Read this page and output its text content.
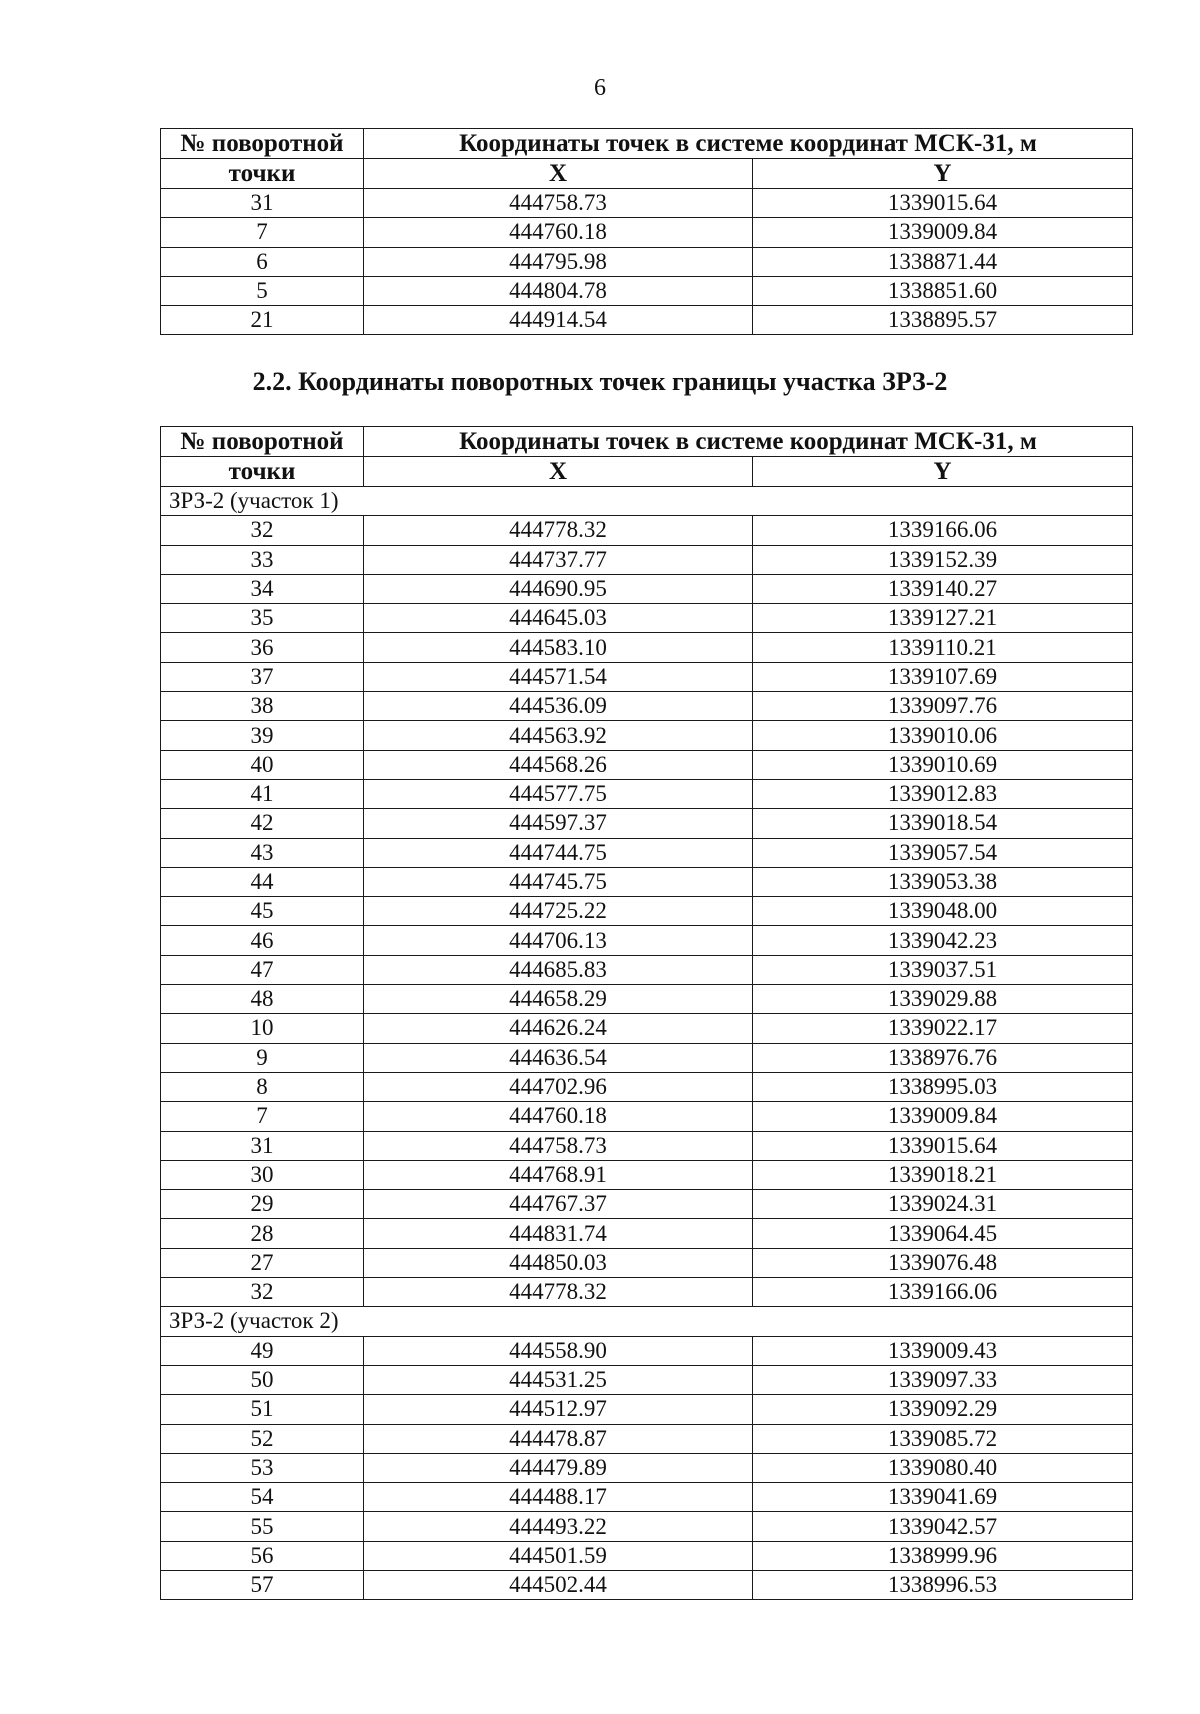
6
№ поворотной	Координаты точек в системе координат МСК-31, м	
точки	X	Y
31	444758.73	1339015.64
7	444760.18	1339009.84
6	444795.98	1338871.44
5	444804.78	1338851.60
21	444914.54	1338895.57
2.2. Координаты поворотных точек границы участка ЗРЗ-2
№ поворотной	Координаты точек в системе координат МСК-31, м	
точки	X	Y
ЗРЗ-2 (участок 1)		
32	444778.32	1339166.06
33	444737.77	1339152.39
34	444690.95	1339140.27
35	444645.03	1339127.21
36	444583.10	1339110.21
37	444571.54	1339107.69
38	444536.09	1339097.76
39	444563.92	1339010.06
40	444568.26	1339010.69
41	444577.75	1339012.83
42	444597.37	1339018.54
43	444744.75	1339057.54
44	444745.75	1339053.38
45	444725.22	1339048.00
46	444706.13	1339042.23
47	444685.83	1339037.51
48	444658.29	1339029.88
10	444626.24	1339022.17
9	444636.54	1338976.76
8	444702.96	1338995.03
7	444760.18	1339009.84
31	444758.73	1339015.64
30	444768.91	1339018.21
29	444767.37	1339024.31
28	444831.74	1339064.45
27	444850.03	1339076.48
32	444778.32	1339166.06
ЗРЗ-2 (участок 2)		
49	444558.90	1339009.43
50	444531.25	1339097.33
51	444512.97	1339092.29
52	444478.87	1339085.72
53	444479.89	1339080.40
54	444488.17	1339041.69
55	444493.22	1339042.57
56	444501.59	1338999.96
57	444502.44	1338996.53
